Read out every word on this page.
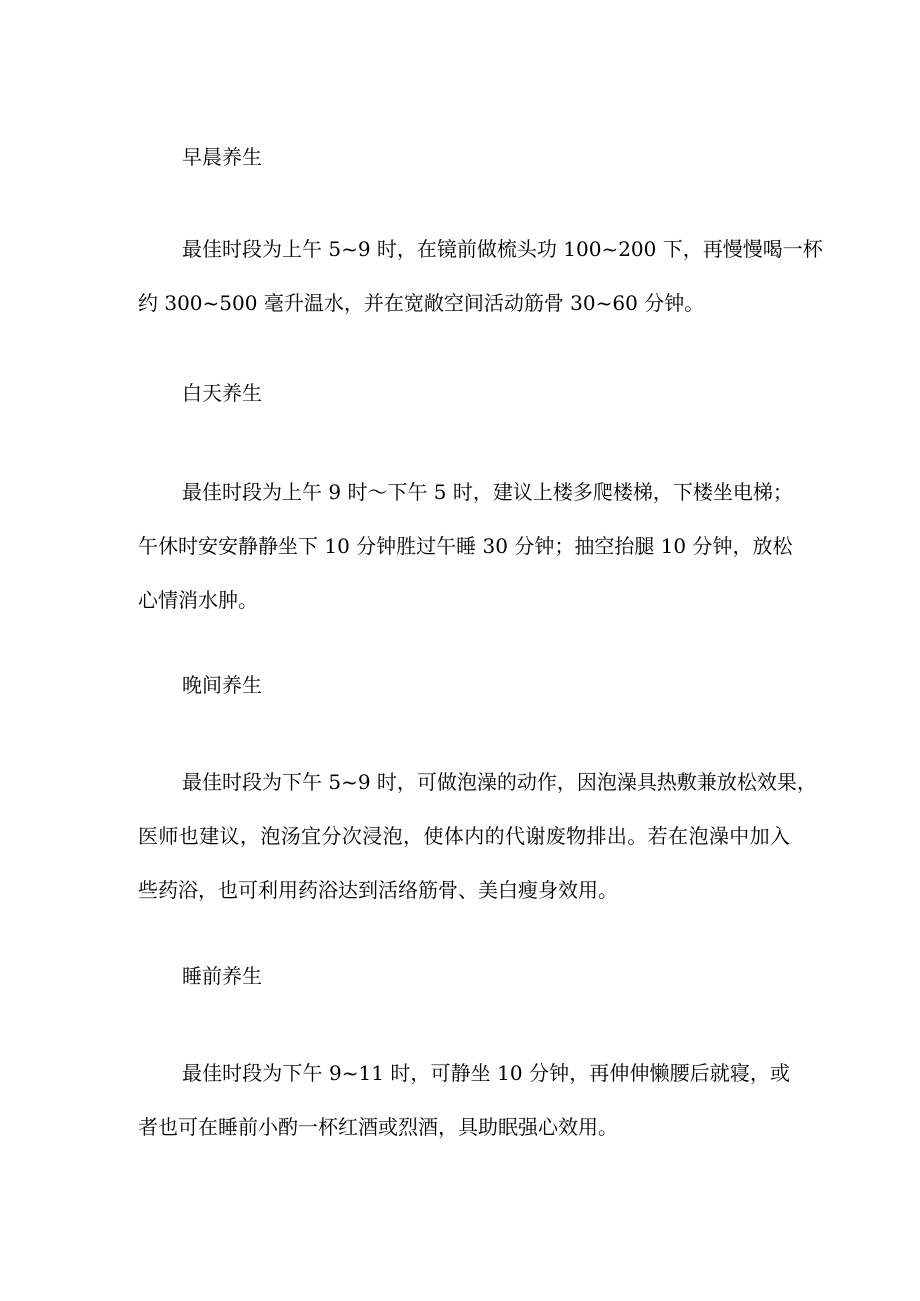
早晨养生
最佳时段为上午 5~9 时，在镜前做梳头功 100~200 下，再慢慢喝一杯
约 300~500 毫升温水，并在宽敞空间活动筋骨 30~60 分钟。
白天养生
最佳时段为上午 9 时～下午 5 时，建议上楼多爬楼梯，下楼坐电梯；
午休时安安静静坐下 10 分钟胜过午睡 30 分钟；抽空抬腿 10 分钟，放松
心情消水肿。
晚间养生
最佳时段为下午 5~9 时，可做泡澡的动作，因泡澡具热敷兼放松效果，
医师也建议，泡汤宜分次浸泡，使体内的代谢废物排出。若在泡澡中加入
些药浴，也可利用药浴达到活络筋骨、美白瘦身效用。
睡前养生
最佳时段为下午 9~11 时，可静坐 10 分钟，再伸伸懒腰后就寝，或
者也可在睡前小酌一杯红酒或烈酒，具助眠强心效用。
